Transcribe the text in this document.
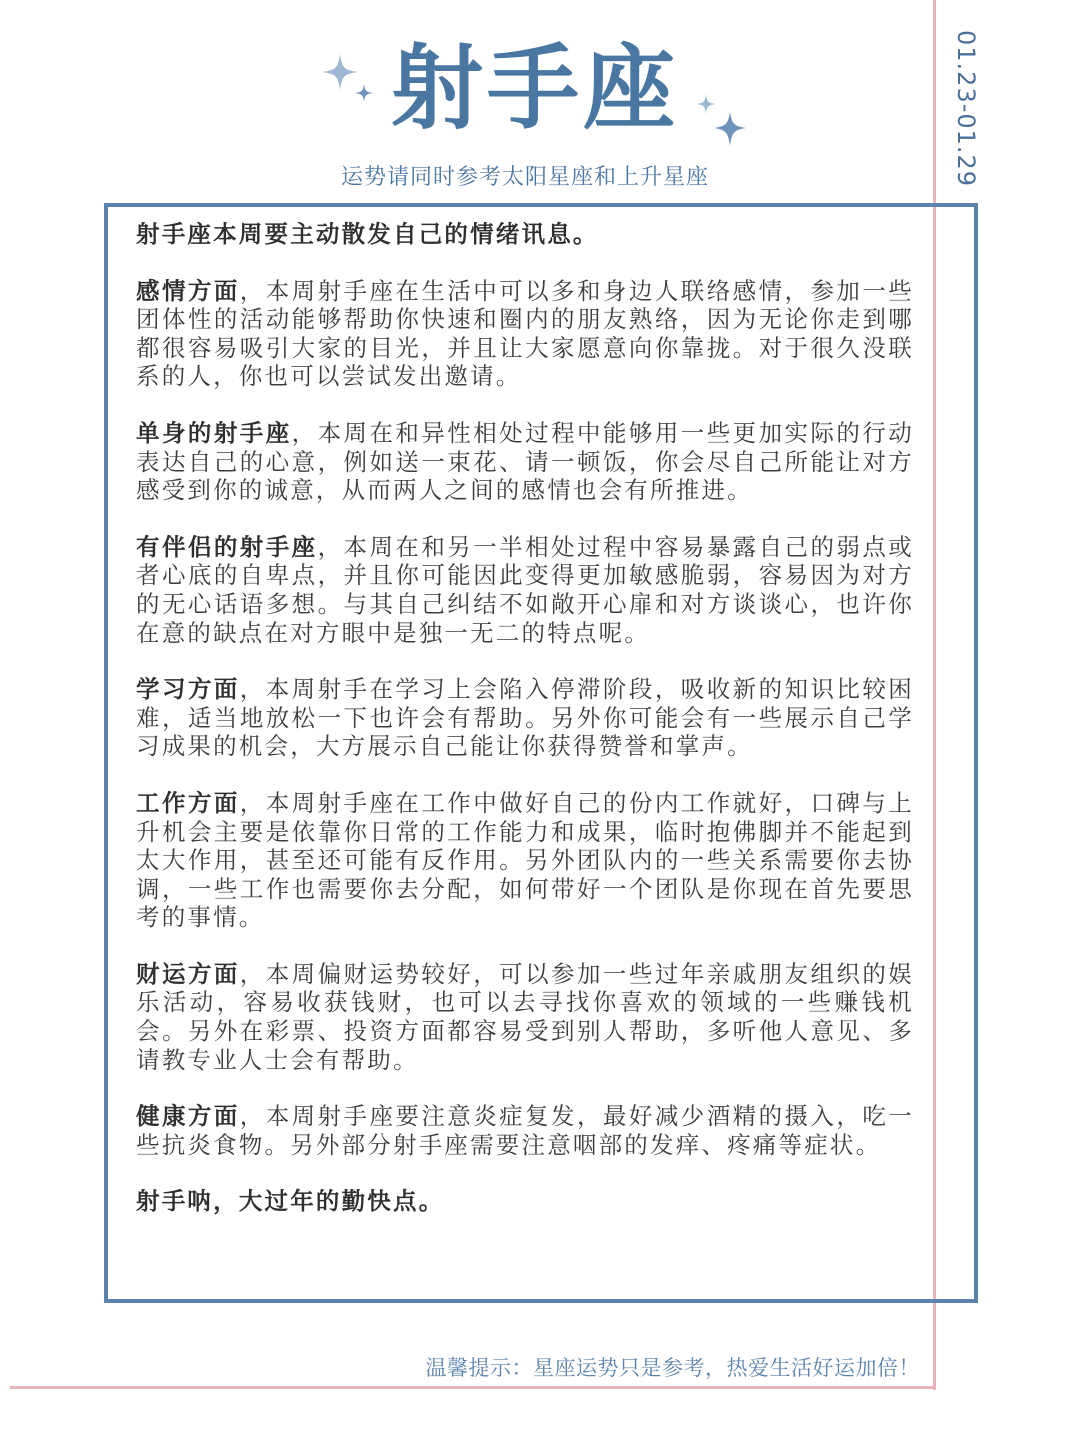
01.23-01.29
射手座
运势请同时参考太阳星座和上升星座

射手座本周要主动散发自己的情绪讯息。

感情方面，本周射手座在生活中可以多和身边人联络感情，参加一些团体性的活动能够帮助你快速和圈内的朋友熟络，因为无论你走到哪都很容易吸引大家的目光，并且让大家愿意向你靠拢。对于很久没联系的人，你也可以尝试发出邀请。

单身的射手座，本周在和异性相处过程中能够用一些更加实际的行动表达自己的心意，例如送一束花、请一顿饭，你会尽自己所能让对方感受到你的诚意，从而两人之间的感情也会有所推进。

有伴侣的射手座，本周在和另一半相处过程中容易暴露自己的弱点或者心底的自卑点，并且你可能因此变得更加敏感脆弱，容易因为对方的无心话语多想。与其自己纠结不如敞开心扉和对方谈谈心，也许你在意的缺点在对方眼中是独一无二的特点呢。

学习方面，本周射手在学习上会陷入停滞阶段，吸收新的知识比较困难，适当地放松一下也许会有帮助。另外你可能会有一些展示自己学习成果的机会，大方展示自己能让你获得赞誉和掌声。

工作方面，本周射手座在工作中做好自己的份内工作就好，口碑与上升机会主要是依靠你日常的工作能力和成果，临时抱佛脚并不能起到太大作用，甚至还可能有反作用。另外团队内的一些关系需要你去协调，一些工作也需要你去分配，如何带好一个团队是你现在首先要思考的事情。

财运方面，本周偏财运势较好，可以参加一些过年亲戚朋友组织的娱乐活动，容易收获钱财，也可以去寻找你喜欢的领域的一些赚钱机会。另外在彩票、投资方面都容易受到别人帮助，多听他人意见、多请教专业人士会有帮助。

健康方面，本周射手座要注意炎症复发，最好减少酒精的摄入，吃一些抗炎食物。另外部分射手座需要注意咽部的发痒、疼痛等症状。

射手呐，大过年的勤快点。

温馨提示：星座运势只是参考，热爱生活好运加倍！
